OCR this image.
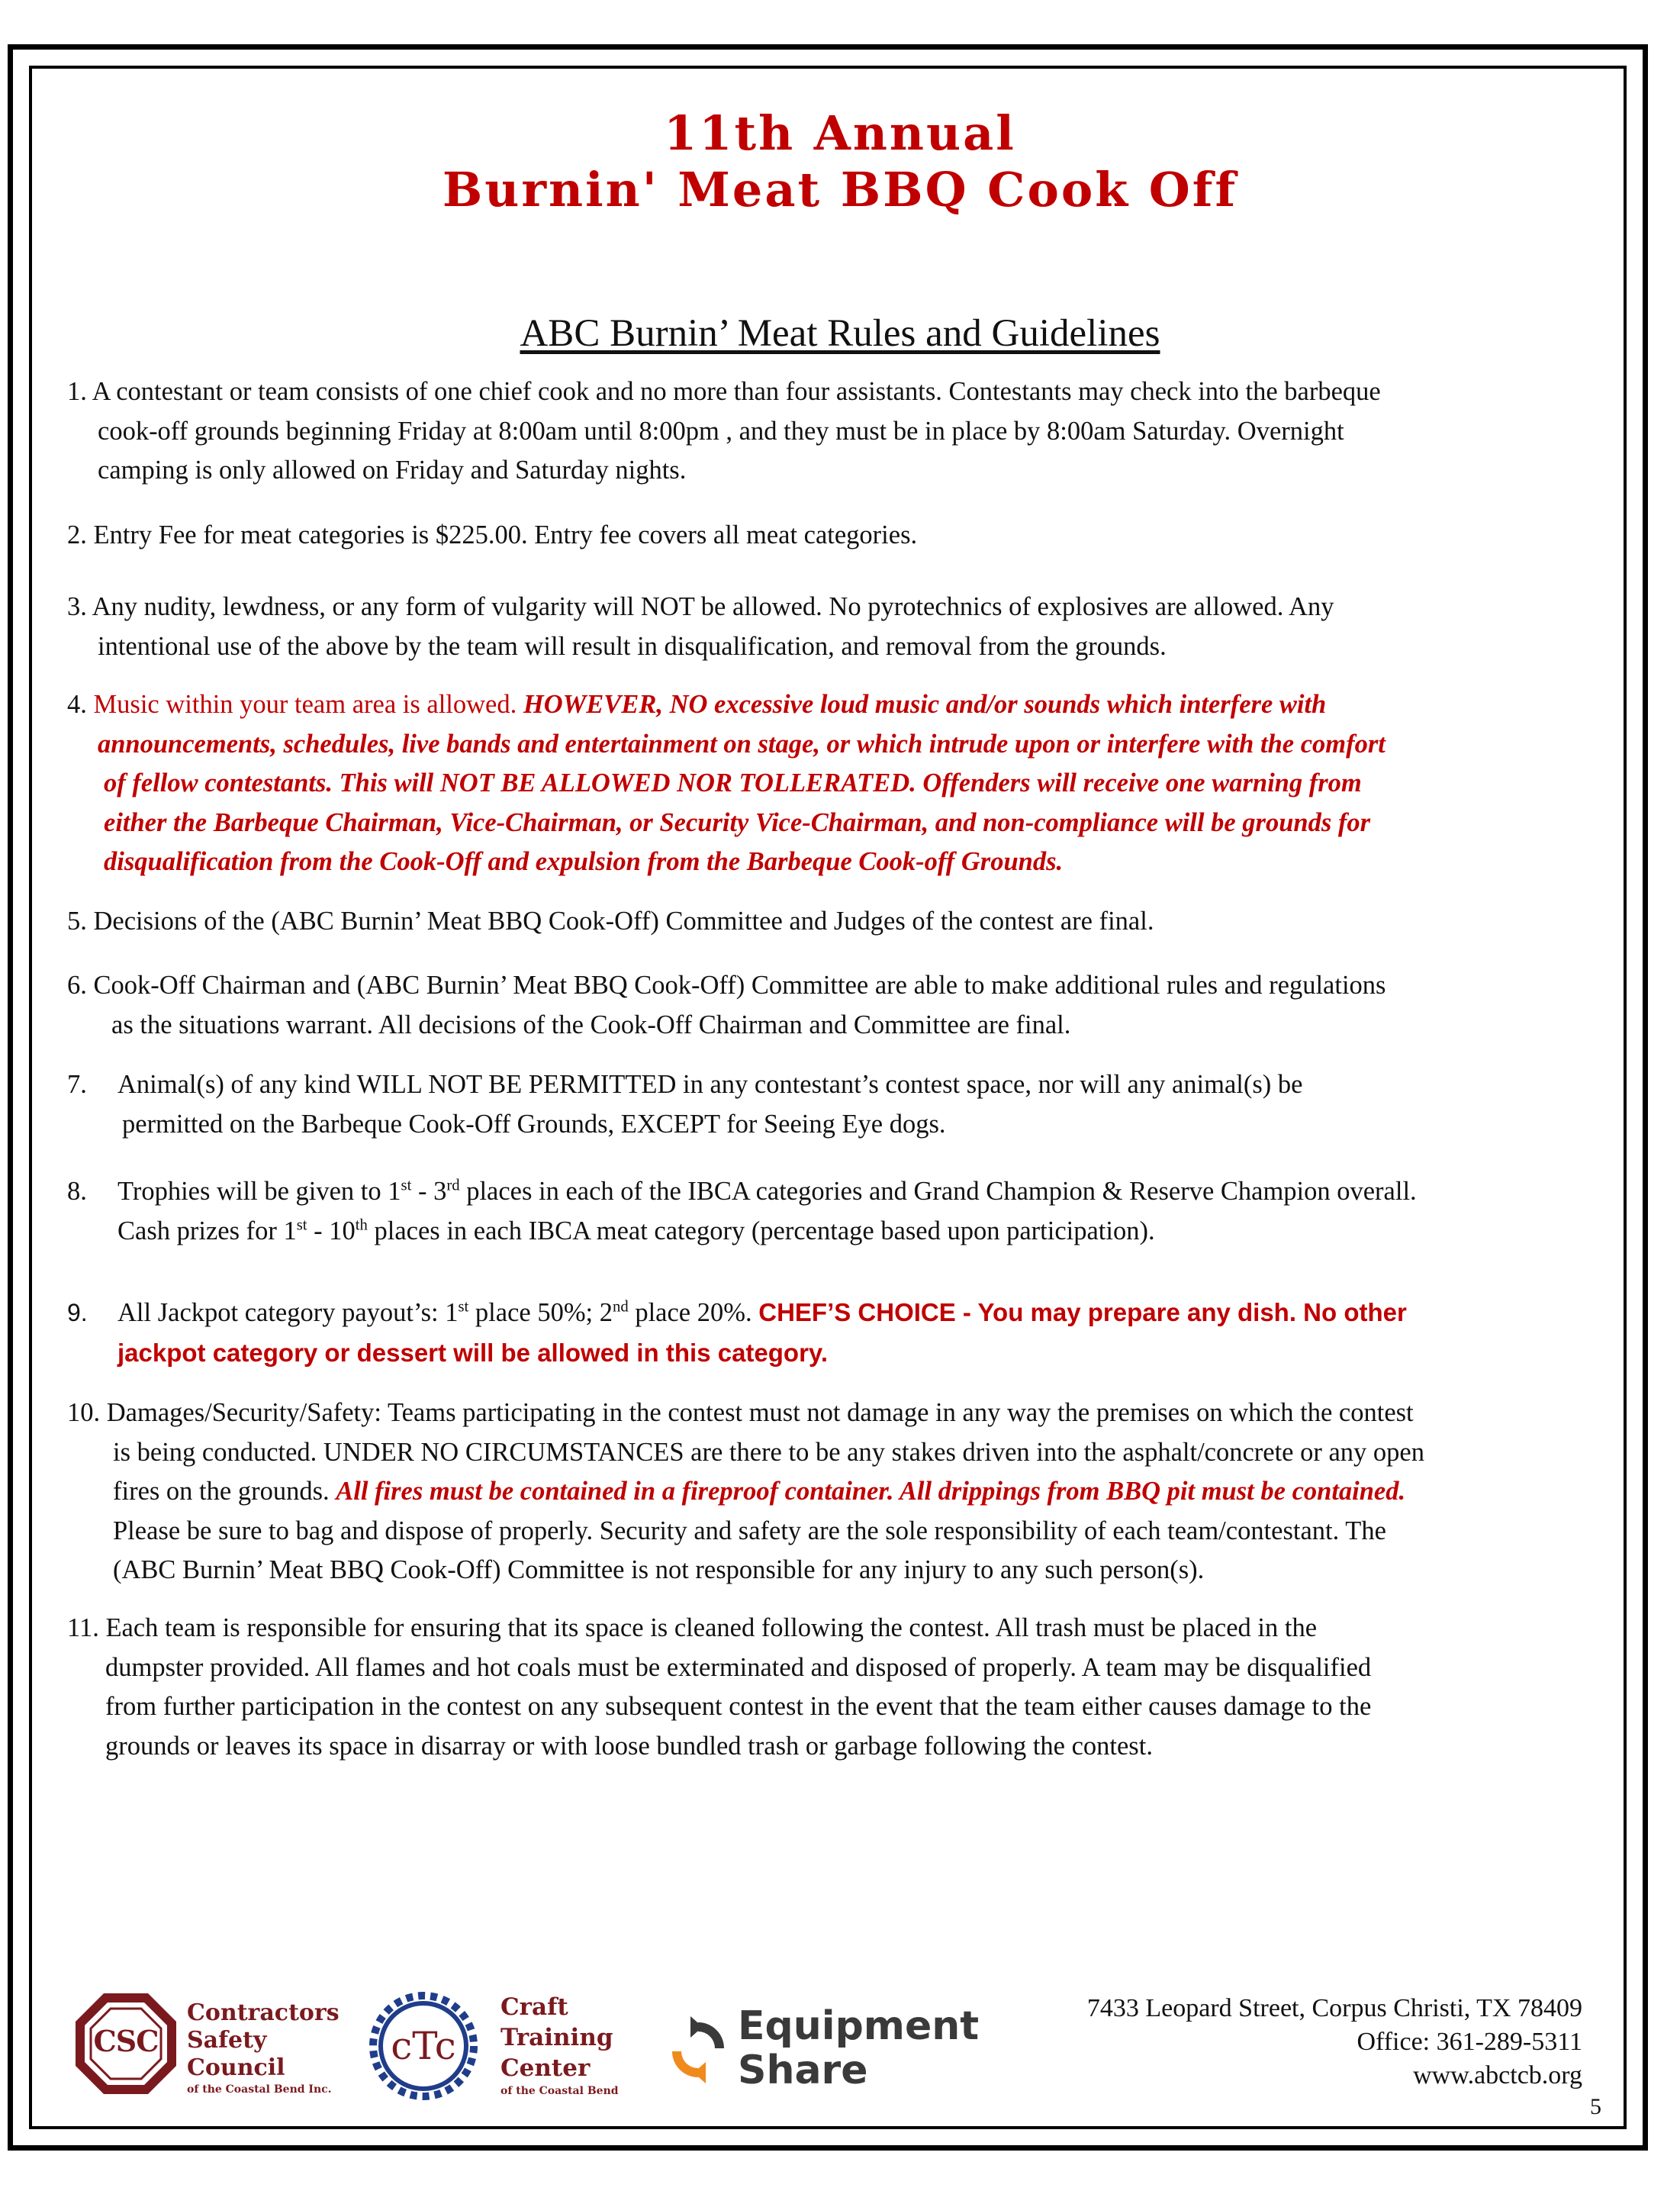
11th Annual
Burnin' Meat BBQ Cook Off
ABC Burnin’ Meat Rules and Guidelines

1. A contestant or team consists of one chief cook and no more than four assistants. Contestants may check into the barbeque

cook-off grounds beginning Friday at 8:00am until 8:00pm , and they must be in place by 8:00am Saturday. Overnight

camping is only allowed on Friday and Saturday nights.

2. Entry Fee for meat categories is $225.00. Entry fee covers all meat categories.

3. Any nudity, lewdness, or any form of vulgarity will NOT be allowed. No pyrotechnics of explosives are allowed. Any

intentional use of the above by the team will result in disqualification, and removal from the grounds.

4. Music within your team area is allowed. HOWEVER, NO excessive loud music and/or sounds which interfere with

announcements, schedules, live bands and entertainment on stage, or which intrude upon or interfere with the comfort

of fellow contestants. This will NOT BE ALLOWED NOR TOLLERATED. Offenders will receive one warning from

either the Barbeque Chairman, Vice-Chairman, or Security Vice-Chairman, and non-compliance will be grounds for

disqualification from the Cook-Off and expulsion from the Barbeque Cook-off Grounds.

5. Decisions of the (ABC Burnin’ Meat BBQ Cook-Off) Committee and Judges of the contest are final.

6. Cook-Off Chairman and (ABC Burnin’ Meat BBQ Cook-Off) Committee are able to make additional rules and regulations

as the situations warrant. All decisions of the Cook-Off Chairman and Committee are final.

7. Animal(s) of any kind WILL NOT BE PERMITTED in any contestant’s contest space, nor will any animal(s) be

permitted on the Barbeque Cook-Off Grounds, EXCEPT for Seeing Eye dogs.

8. Trophies will be given to 1st - 3rd places in each of the IBCA categories and Grand Champion & Reserve Champion overall.

Cash prizes for 1st - 10th places in each IBCA meat category (percentage based upon participation).

9. All Jackpot category payout’s: 1st place 50%; 2nd place 20%. CHEF’S CHOICE - You may prepare any dish. No other

jackpot category or dessert will be allowed in this category.

10. Damages/Security/Safety: Teams participating in the contest must not damage in any way the premises on which the contest

is being conducted. UNDER NO CIRCUMSTANCES are there to be any stakes driven into the asphalt/concrete or any open

fires on the grounds. All fires must be contained in a fireproof container. All drippings from BBQ pit must be contained.

Please be sure to bag and dispose of properly. Security and safety are the sole responsibility of each team/contestant. The

(ABC Burnin’ Meat BBQ Cook-Off) Committee is not responsible for any injury to any such person(s).

11. Each team is responsible for ensuring that its space is cleaned following the contest. All trash must be placed in the

dumpster provided. All flames and hot coals must be exterminated and disposed of properly. A team may be disqualified

from further participation in the contest on any subsequent contest in the event that the team either causes damage to the

grounds or leaves its space in disarray or with loose bundled trash or garbage following the contest.

CSC
Contractors
Safety
Council
of the Coastal Bend Inc.
cTc
Craft
Training
Center
of the Coastal Bend
Equipment
Share
7433 Leopard Street, Corpus Christi, TX 78409
Office: 361-289-5311
www.abctcb.org
5
